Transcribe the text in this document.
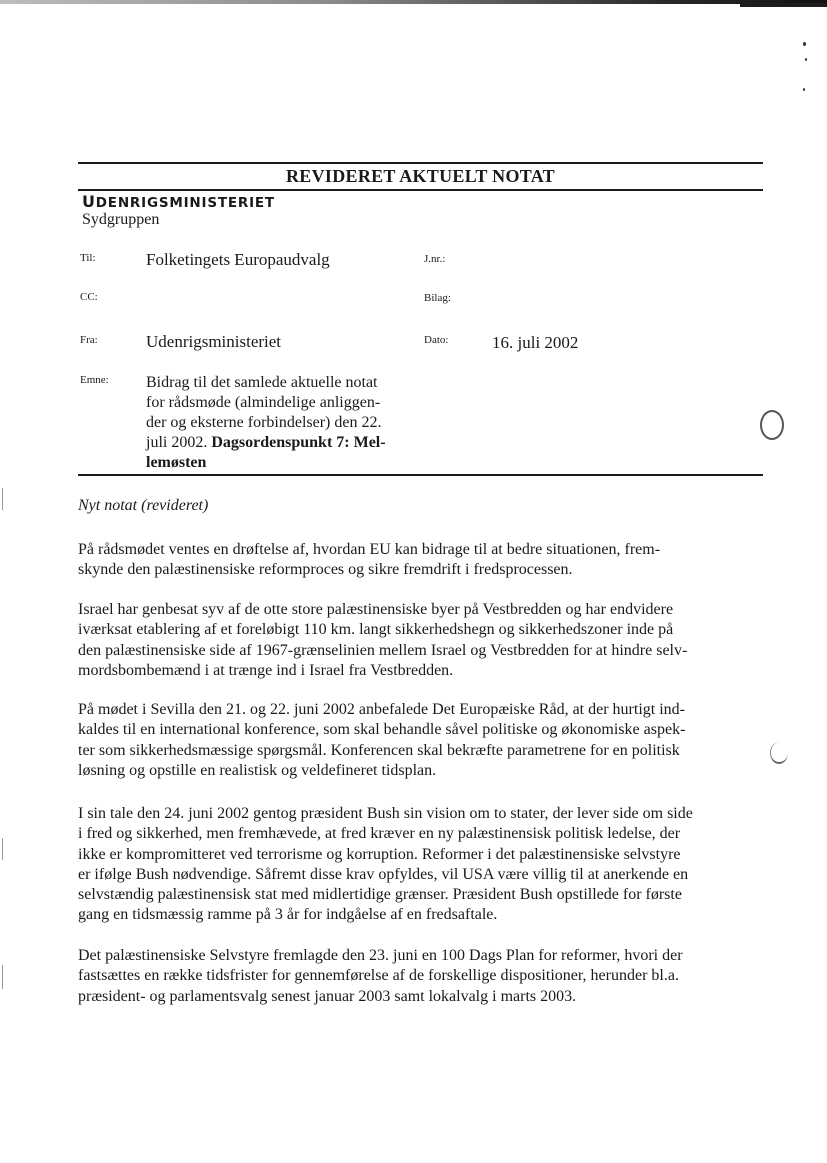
REVIDERET AKTUELT NOTAT
UDENRIGSMINISTERIET
Sydgruppen
Til:	Folketingets Europaudvalg	J.nr.:
CC:	Bilag:
Fra:	Udenrigsministeriet	Dato:	16. juli 2002
Emne: Bidrag til det samlede aktuelle notat
for rådsmøde (almindelige anliggen-
der og eksterne forbindelser) den 22.
juli 2002. Dagsordenspunkt 7: Mel-
lemøsten
Nyt notat (revideret)
På rådsmødet ventes en drøftelse af, hvordan EU kan bidrage til at bedre situationen, frem-
skynde den palæstinensiske reformproces og sikre fremdrift i fredsprocessen.
Israel har genbesat syv af de otte store palæstinensiske byer på Vestbredden og har endvidere
iværksat etablering af et foreløbigt 110 km. langt sikkerhedshegn og sikkerhedszoner inde på
den palæstinensiske side af 1967-grænselinien mellem Israel og Vestbredden for at hindre selv-
mordsbombemænd i at trænge ind i Israel fra Vestbredden.
På mødet i Sevilla den 21. og 22. juni 2002 anbefalede Det Europæiske Råd, at der hurtigt ind-
kaldes til en international konference, som skal behandle såvel politiske og økonomiske aspek-
ter som sikkerhedsmæssige spørgsmål. Konferencen skal bekræfte parametrene for en politisk
løsning og opstille en realistisk og veldefineret tidsplan.
I sin tale den 24. juni 2002 gentog præsident Bush sin vision om to stater, der lever side om side
i fred og sikkerhed, men fremhævede, at fred kræver en ny palæstinensisk politisk ledelse, der
ikke er kompromitteret ved terrorisme og korruption. Reformer i det palæstinensiske selvstyre
er ifølge Bush nødvendige. Såfremt disse krav opfyldes, vil USA være villig til at anerkende en
selvstændig palæstinensisk stat med midlertidige grænser. Præsident Bush opstillede for første
gang en tidsmæssig ramme på 3 år for indgåelse af en fredsaftale.
Det palæstinensiske Selvstyre fremlagde den 23. juni en 100 Dags Plan for reformer, hvori der
fastsættes en række tidsfrister for gennemførelse af de forskellige dispositioner, herunder bl.a.
præsident- og parlamentsvalg senest januar 2003 samt lokalvalg i marts 2003.
